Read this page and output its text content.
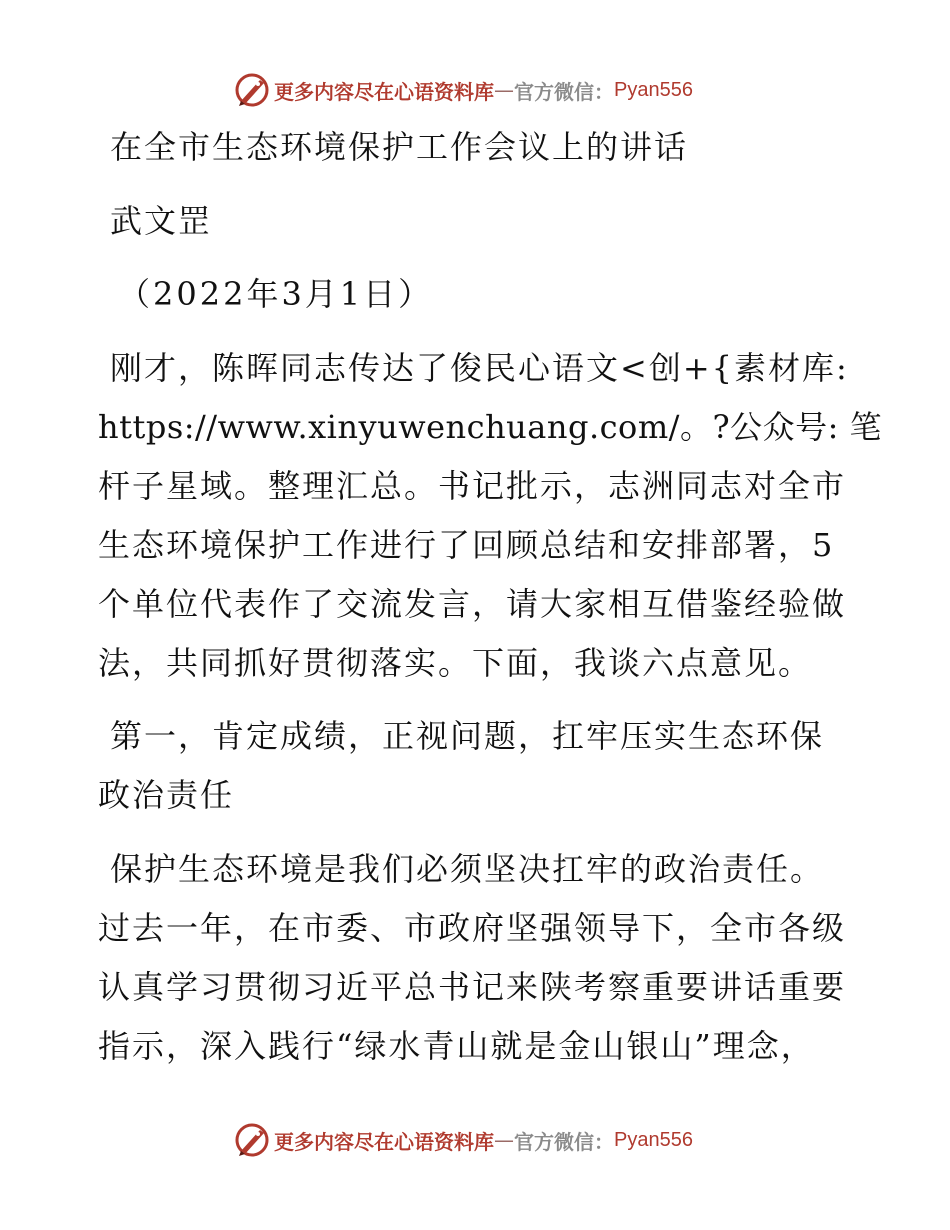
更多内容尽在心语资料库 — 官方微信： Pyan556
在全市生态环境保护工作会议上的讲话
武文罡
（2022年3月1日）
刚才，陈晖同志传达了俊民心语文<创+{素材库:
https://www.xinyuwenchuang.com/。?公众号: 笔
杆子星域。整理汇总。书记批示，志洲同志对全市
生态环境保护工作进行了回顾总结和安排部署，5
个单位代表作了交流发言，请大家相互借鉴经验做
法，共同抓好贯彻落实。下面，我谈六点意见。
第一，肯定成绩，正视问题，扛牢压实生态环保
政治责任
保护生态环境是我们必须坚决扛牢的政治责任。
过去一年，在市委、市政府坚强领导下，全市各级
认真学习贯彻习近平总书记来陕考察重要讲话重要
指示，深入践行“绿水青山就是金山银山”理念，
更多内容尽在心语资料库 — 官方微信： Pyan556
